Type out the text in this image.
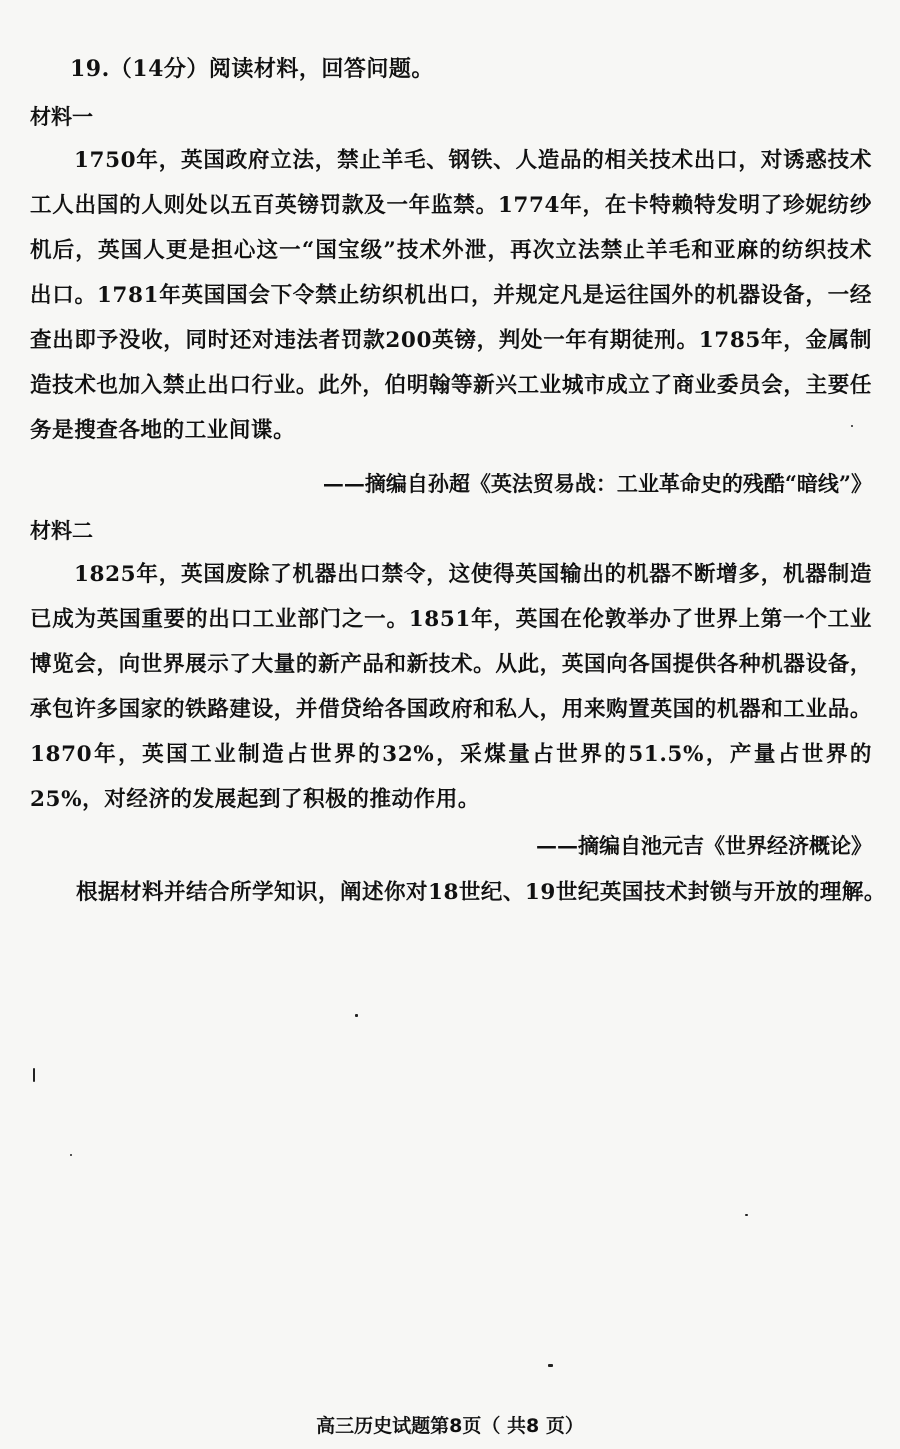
19.（14分）阅读材料，回答问题。
材料一

1750年，英国政府立法，禁止羊毛、钢铁、人造品的相关技术出口，对诱惑技术工人出国的人则处以五百英镑罚款及一年监禁。1774年，在卡特赖特发明了珍妮纺纱机后，英国人更是担心这一“国宝级”技术外泄，再次立法禁止羊毛和亚麻的纺织技术出口。1781年英国国会下令禁止纺织机出口，并规定凡是运往国外的机器设备，一经查出即予没收，同时还对违法者罚款200英镑，判处一年有期徒刑。1785年，金属制造技术也加入禁止出口行业。此外，伯明翰等新兴工业城市成立了商业委员会，主要任务是搜查各地的工业间谍。

——摘编自孙超《英法贸易战：工业革命史的残酷“暗线”》
材料二

1825年，英国废除了机器出口禁令，这使得英国输出的机器不断增多，机器制造已成为英国重要的出口工业部门之一。1851年，英国在伦敦举办了世界上第一个工业博览会，向世界展示了大量的新产品和新技术。从此，英国向各国提供各种机器设备，承包许多国家的铁路建设，并借贷给各国政府和私人，用来购置英国的机器和工业品。1870年，英国工业制造占世界的32%，采煤量占世界的51.5%，产量占世界的25%，对经济的发展起到了积极的推动作用。

——摘编自池元吉《世界经济概论》
根据材料并结合所学知识，阐述你对18世纪、19世纪英国技术封锁与开放的理解。
高三历史试题第8页（ 共8 页）
